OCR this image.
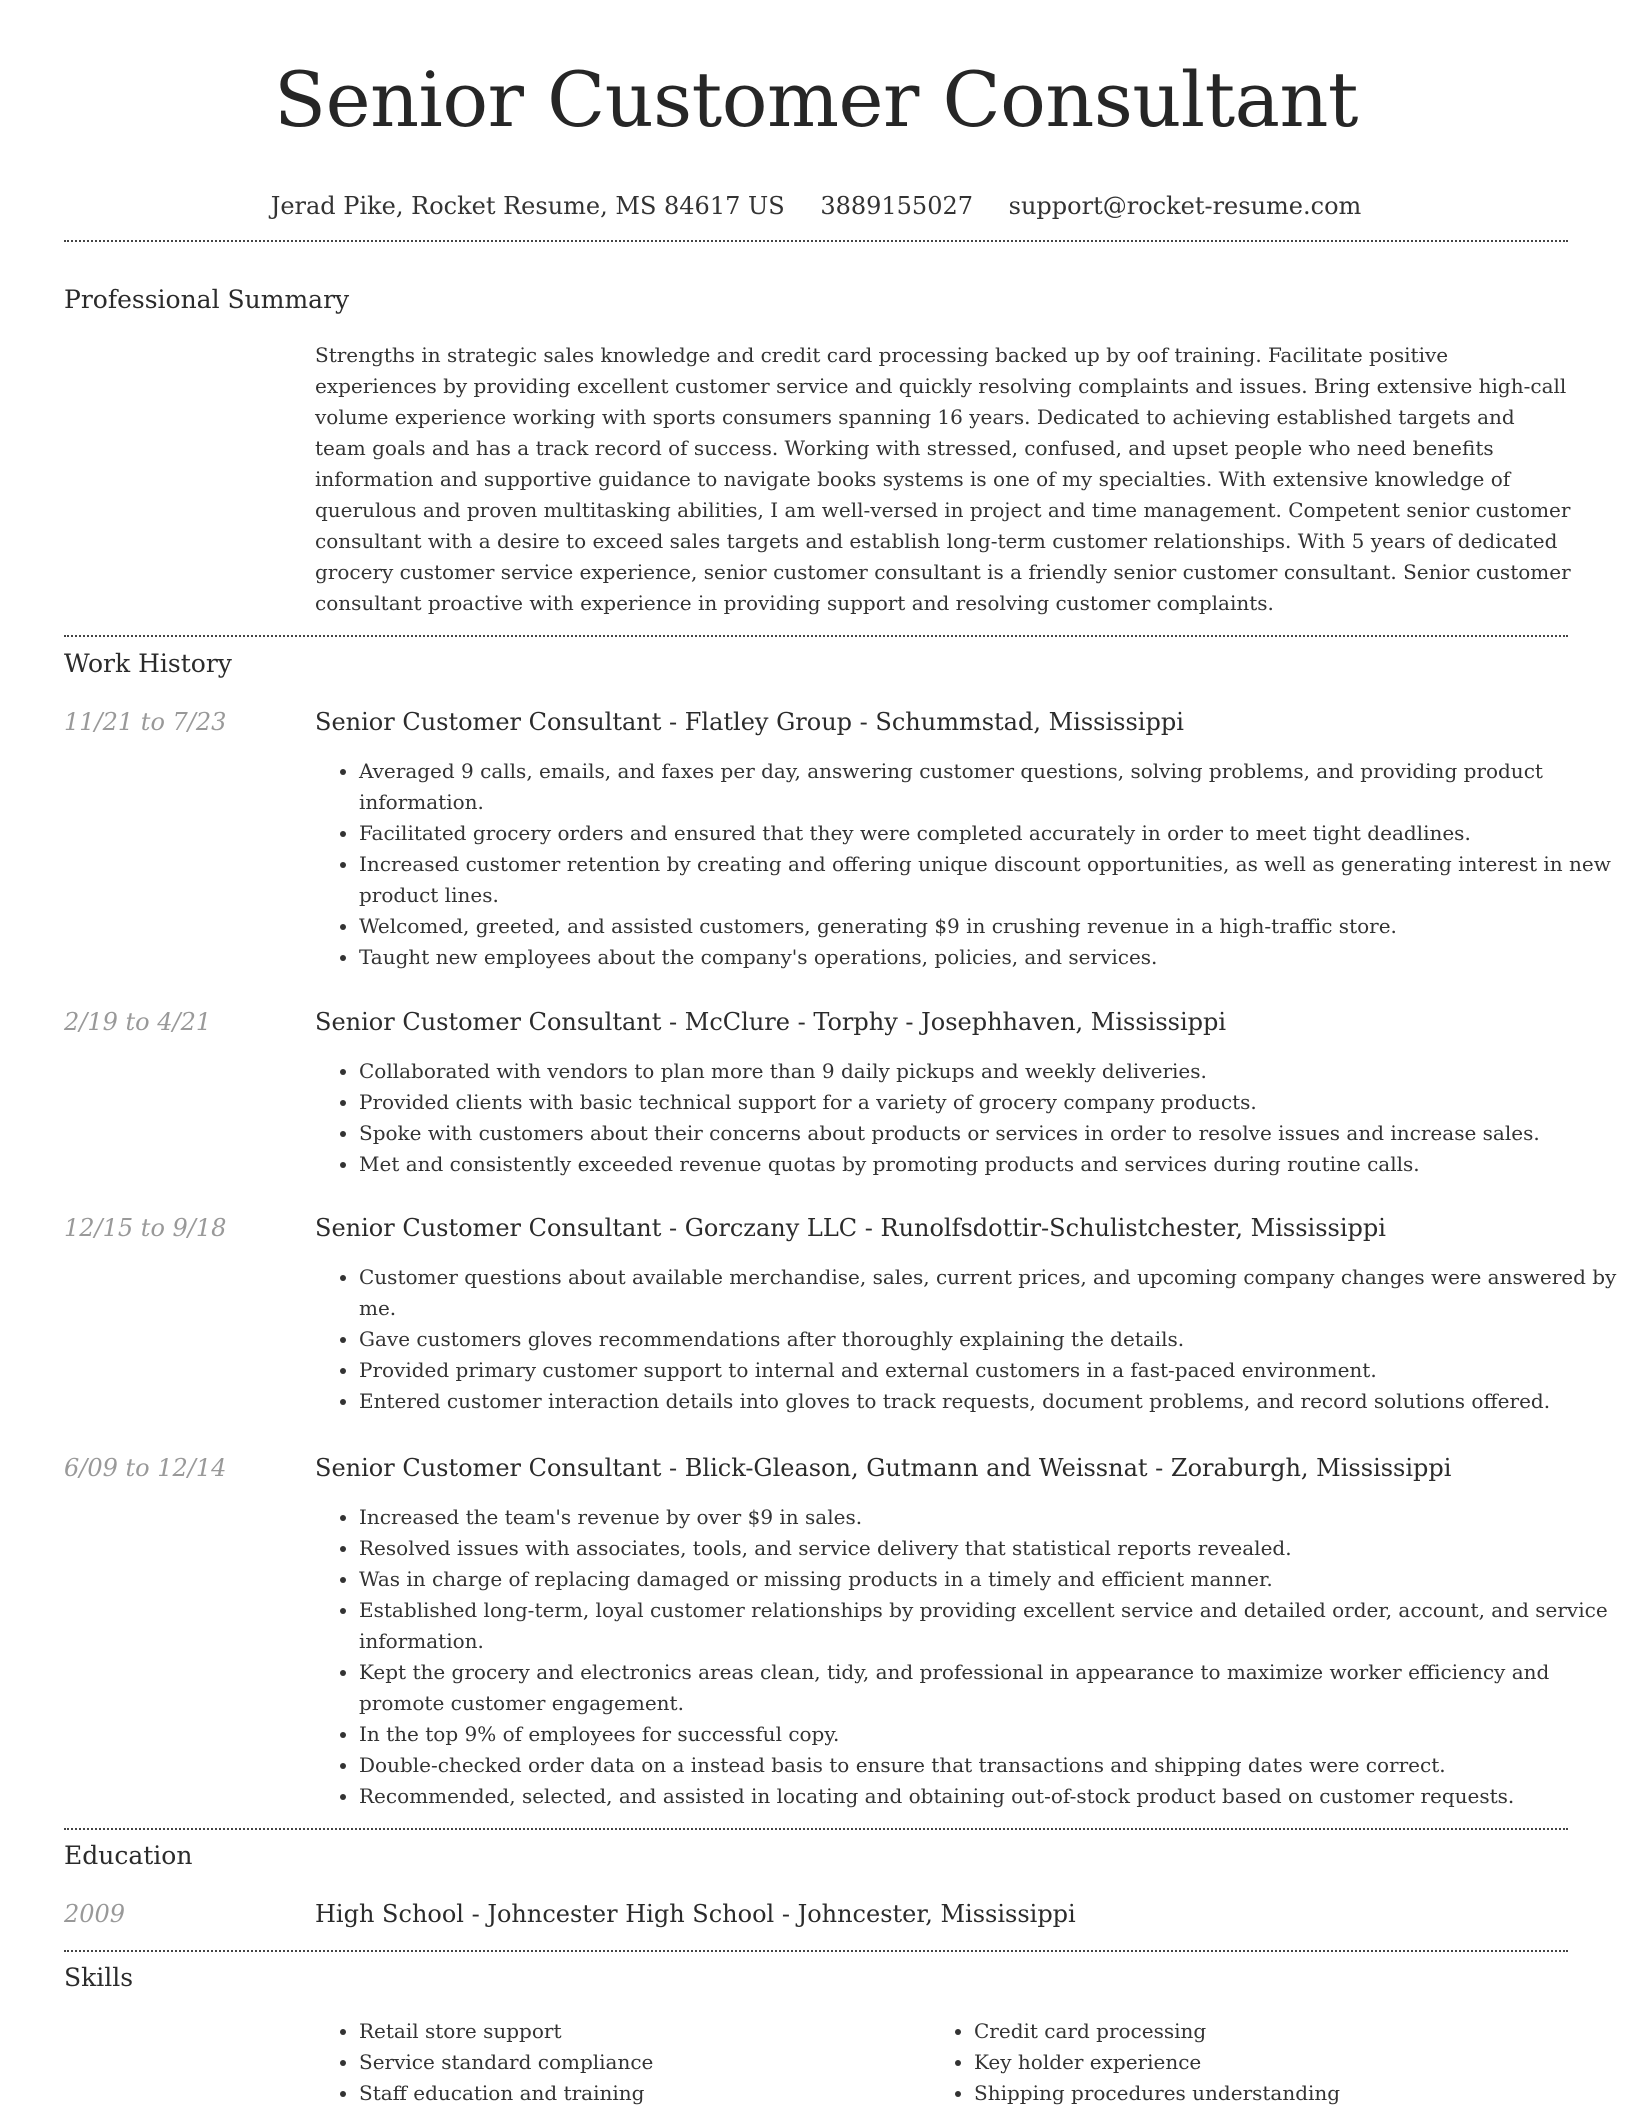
Senior Customer Consultant
Jerad Pike, Rocket Resume, MS 84617 US 3889155027 support@rocket-resume.com
Professional Summary

Strengths in strategic sales knowledge and credit card processing backed up by oof training. Facilitate positive experiences by providing excellent customer service and quickly resolving complaints and issues. Bring extensive high-call volume experience working with sports consumers spanning 16 years. Dedicated to achieving established targets and team goals and has a track record of success. Working with stressed, confused, and upset people who need benefits information and supportive guidance to navigate books systems is one of my specialties. With extensive knowledge of querulous and proven multitasking abilities, I am well-versed in project and time management. Competent senior customer consultant with a desire to exceed sales targets and establish long-term customer relationships. With 5 years of dedicated grocery customer service experience, senior customer consultant is a friendly senior customer consultant. Senior customer consultant proactive with experience in providing support and resolving customer complaints.

Work History
11/21 to 7/23	Senior Customer Consultant - Flatley Group - Schummstad, Mississippi
• Averaged 9 calls, emails, and faxes per day, answering customer questions, solving problems, and providing product information.
• Facilitated grocery orders and ensured that they were completed accurately in order to meet tight deadlines.
• Increased customer retention by creating and offering unique discount opportunities, as well as generating interest in new product lines.
• Welcomed, greeted, and assisted customers, generating $9 in crushing revenue in a high-traffic store.
• Taught new employees about the company's operations, policies, and services.
2/19 to 4/21	Senior Customer Consultant - McClure - Torphy - Josephhaven, Mississippi
• Collaborated with vendors to plan more than 9 daily pickups and weekly deliveries.
• Provided clients with basic technical support for a variety of grocery company products.
• Spoke with customers about their concerns about products or services in order to resolve issues and increase sales.
• Met and consistently exceeded revenue quotas by promoting products and services during routine calls.
12/15 to 9/18	Senior Customer Consultant - Gorczany LLC - Runolfsdottir-Schulistchester, Mississippi
• Customer questions about available merchandise, sales, current prices, and upcoming company changes were answered by me.
• Gave customers gloves recommendations after thoroughly explaining the details.
• Provided primary customer support to internal and external customers in a fast-paced environment.
• Entered customer interaction details into gloves to track requests, document problems, and record solutions offered.
6/09 to 12/14	Senior Customer Consultant - Blick-Gleason, Gutmann and Weissnat - Zoraburgh, Mississippi
• Increased the team's revenue by over $9 in sales.
• Resolved issues with associates, tools, and service delivery that statistical reports revealed.
• Was in charge of replacing damaged or missing products in a timely and efficient manner.
• Established long-term, loyal customer relationships by providing excellent service and detailed order, account, and service information.
• Kept the grocery and electronics areas clean, tidy, and professional in appearance to maximize worker efficiency and promote customer engagement.
• In the top 9% of employees for successful copy.
• Double-checked order data on a instead basis to ensure that transactions and shipping dates were correct.
• Recommended, selected, and assisted in locating and obtaining out-of-stock product based on customer requests.
Education
2009	High School - Johncester High School - Johncester, Mississippi
Skills
• Retail store support
• Service standard compliance
• Staff education and training
• Credit card processing
• Key holder experience
• Shipping procedures understanding
